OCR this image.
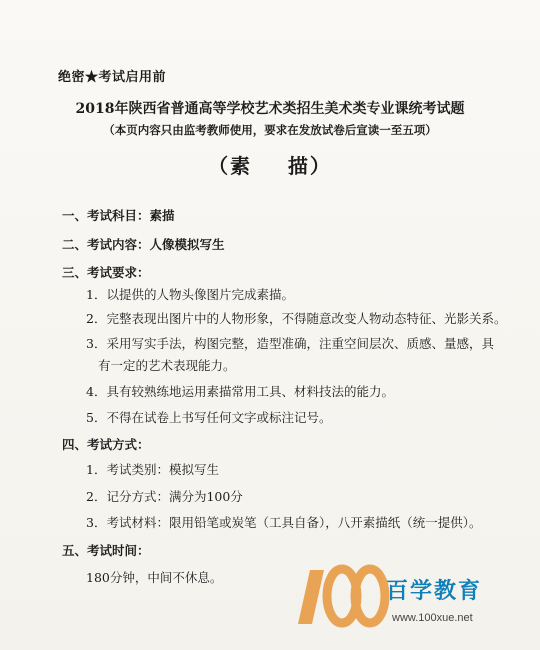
绝密★考试启用前
2018年陕西省普通高等学校艺术类招生美术类专业课统考试题
（本页内容只由监考教师使用，要求在发放试卷后宣读一至五项）
（素    描）
一、考试科目：素描
二、考试内容：人像模拟写生
三、考试要求：
1．以提供的人物头像图片完成素描。
2．完整表现出图片中的人物形象，不得随意改变人物动态特征、光影关系。
3．采用写实手法，构图完整，造型准确，注重空间层次、质感、量感，具
有一定的艺术表现能力。
4．具有较熟练地运用素描常用工具、材料技法的能力。
5．不得在试卷上书写任何文字或标注记号。
四、考试方式：
1．考试类别：模拟写生
2．记分方式：满分为100分
3．考试材料：限用铅笔或炭笔（工具自备），八开素描纸（统一提供）。
五、考试时间：
180分钟，中间不休息。
百学教育
www.100xue.net
